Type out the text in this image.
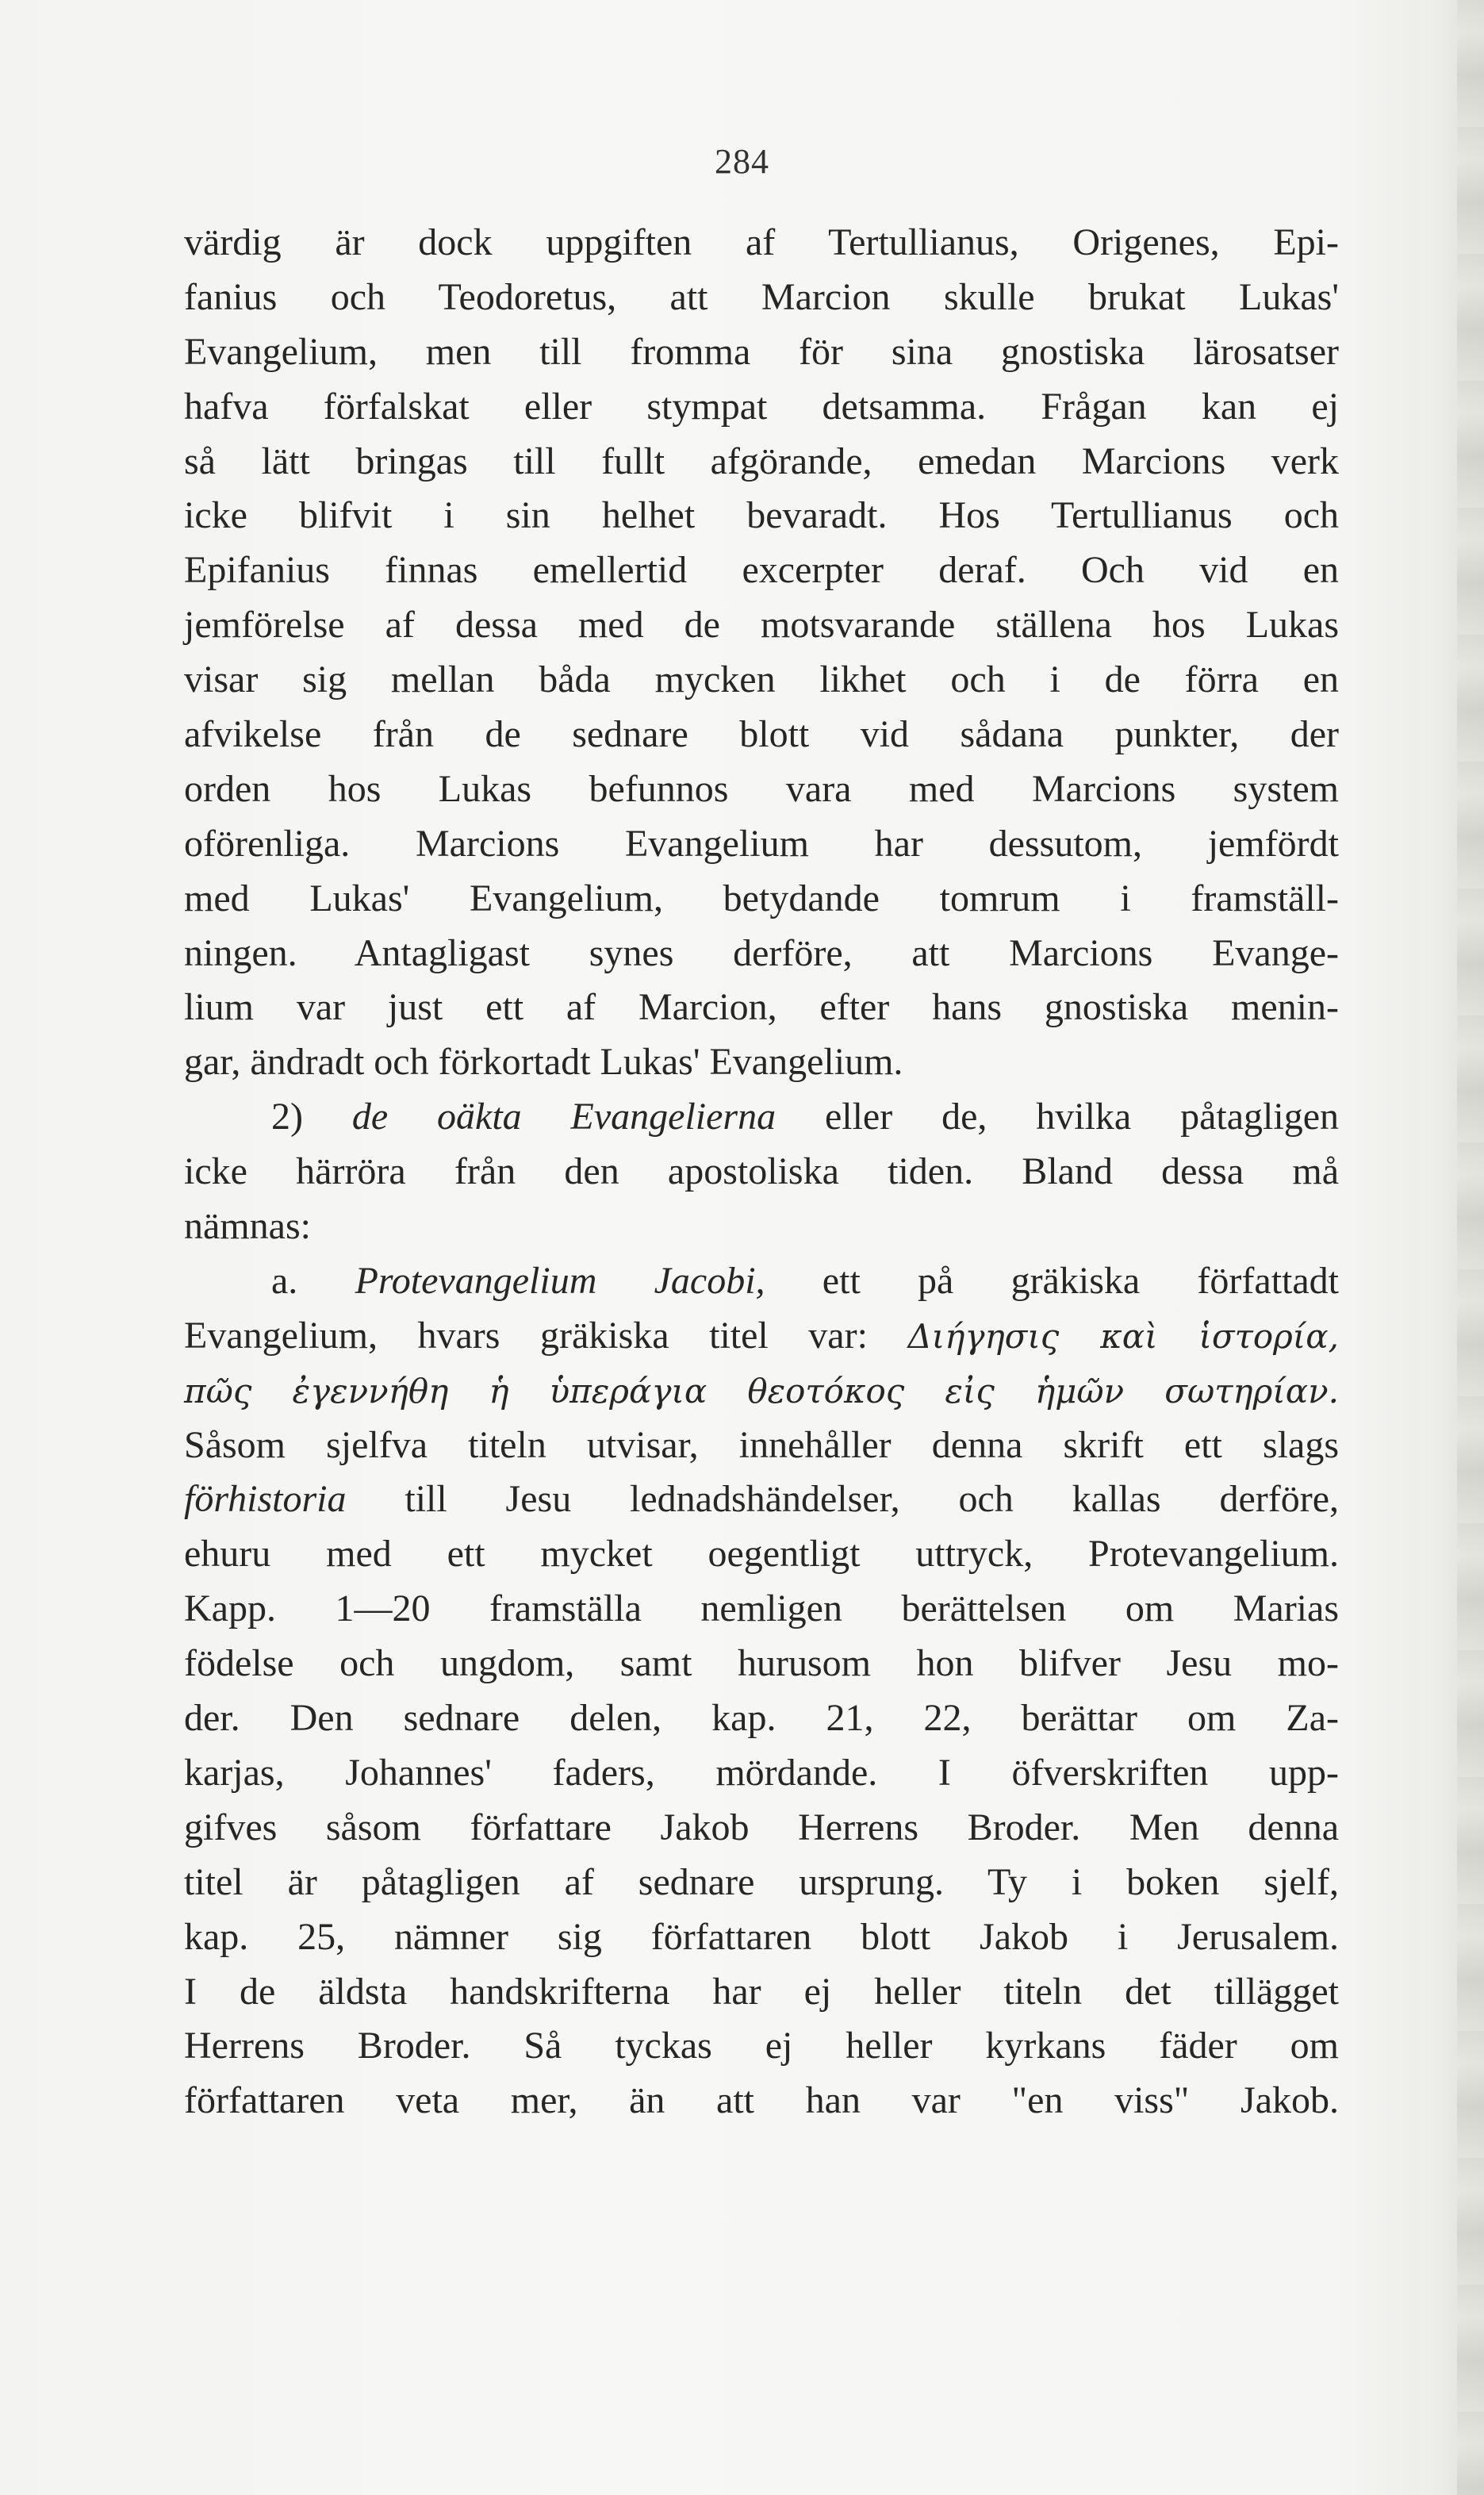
284
värdig är dock uppgiften af Tertullianus, Origenes, Epi-
fanius och Teodoretus, att Marcion skulle brukat Lukas'
Evangelium, men till fromma för sina gnostiska lärosatser
hafva förfalskat eller stympat detsamma. Frågan kan ej
så lätt bringas till fullt afgörande, emedan Marcions verk
icke blifvit i sin helhet bevaradt. Hos Tertullianus och
Epifanius finnas emellertid excerpter deraf. Och vid en
jemförelse af dessa med de motsvarande ställena hos Lukas
visar sig mellan båda mycken likhet och i de förra en
afvikelse från de sednare blott vid sådana punkter, der
orden hos Lukas befunnos vara med Marcions system
oförenliga. Marcions Evangelium har dessutom, jemfördt
med Lukas' Evangelium, betydande tomrum i framställ-
ningen. Antagligast synes derföre, att Marcions Evange-
lium var just ett af Marcion, efter hans gnostiska menin-
gar, ändradt och förkortadt Lukas' Evangelium.
2) de oäkta Evangelierna eller de, hvilka påtagligen
icke härröra från den apostoliska tiden. Bland dessa må
nämnas:
a. Protevangelium Jacobi, ett på gräkiska författadt
Evangelium, hvars gräkiska titel var: Διήγησις καὶ ἱστορία,
πῶς ἐγεννήθη ἡ ὑπεράγια θεοτόκος εἰς ἡμῶν σωτηρίαν.
Såsom sjelfva titeln utvisar, innehåller denna skrift ett slags
förhistoria till Jesu lednadshändelser, och kallas derföre,
ehuru med ett mycket oegentligt uttryck, Protevangelium.
Kapp. 1—20 framställa nemligen berättelsen om Marias
födelse och ungdom, samt hurusom hon blifver Jesu mo-
der. Den sednare delen, kap. 21, 22, berättar om Za-
karjas, Johannes' faders, mördande. I öfverskriften upp-
gifves såsom författare Jakob Herrens Broder. Men denna
titel är påtagligen af sednare ursprung. Ty i boken sjelf,
kap. 25, nämner sig författaren blott Jakob i Jerusalem.
I de äldsta handskrifterna har ej heller titeln det tillägget
Herrens Broder. Så tyckas ej heller kyrkans fäder om
författaren veta mer, än att han var "en viss" Jakob.
